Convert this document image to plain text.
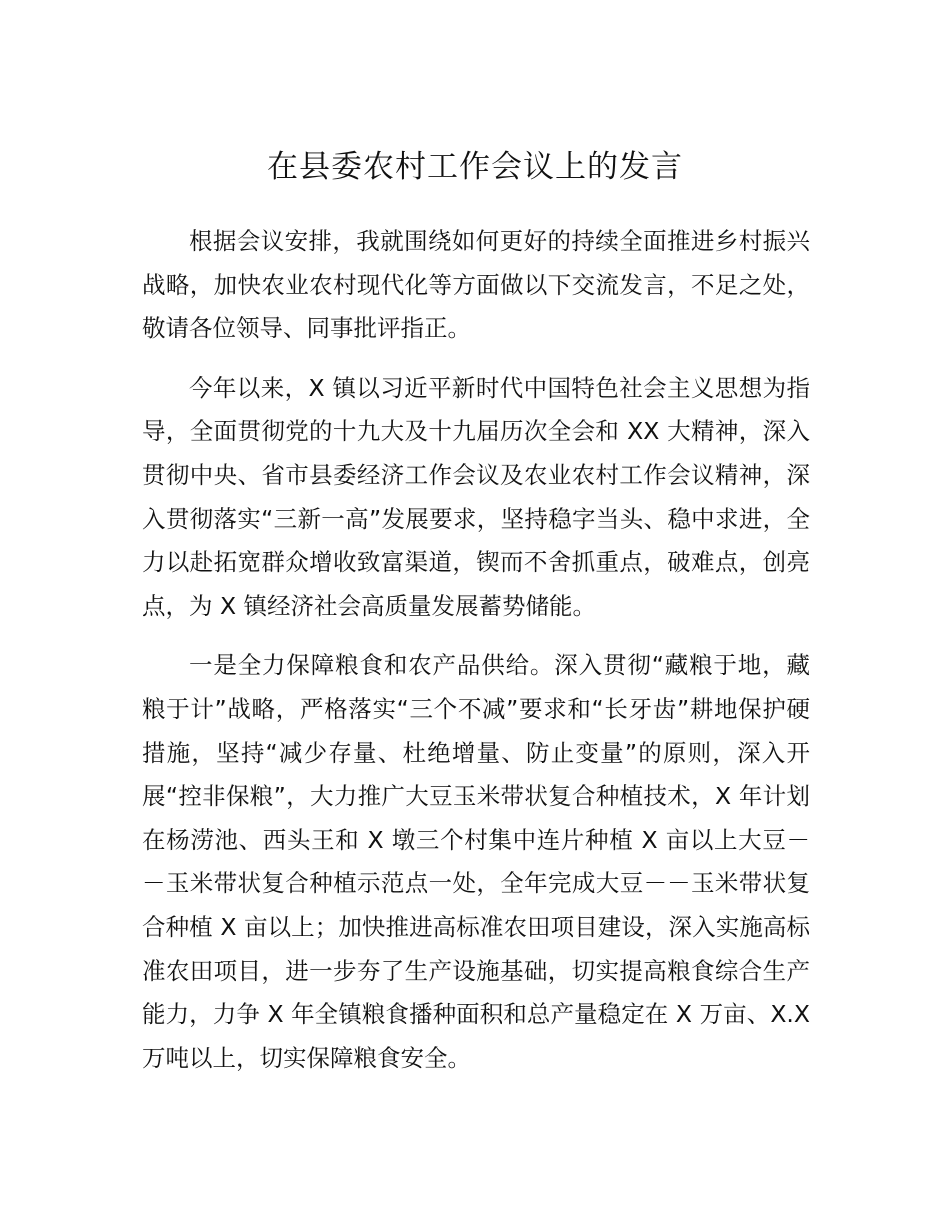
在县委农村工作会议上的发言

根据会议安排，我就围绕如何更好的持续全面推进乡村振兴战略，加快农业农村现代化等方面做以下交流发言，不足之处，敬请各位领导、同事批评指正。

今年以来，X 镇以习近平新时代中国特色社会主义思想为指导，全面贯彻党的十九大及十九届历次全会和 XX 大精神，深入贯彻中央、省市县委经济工作会议及农业农村工作会议精神，深入贯彻落实“三新一高”发展要求，坚持稳字当头、稳中求进，全力以赴拓宽群众增收致富渠道，锲而不舍抓重点，破难点，创亮点，为 X 镇经济社会高质量发展蓄势储能。

一是全力保障粮食和农产品供给。深入贯彻“藏粮于地，藏粮于计”战略，严格落实“三个不减”要求和“长牙齿”耕地保护硬措施，坚持“减少存量、杜绝增量、防止变量”的原则，深入开展“控非保粮”，大力推广大豆玉米带状复合种植技术，X 年计划在杨涝池、西头王和 X 墩三个村集中连片种植 X 亩以上大豆－－玉米带状复合种植示范点一处，全年完成大豆－－玉米带状复合种植 X 亩以上；加快推进高标准农田项目建设，深入实施高标准农田项目，进一步夯了生产设施基础，切实提高粮食综合生产能力，力争 X 年全镇粮食播种面积和总产量稳定在 X 万亩、X.X 万吨以上，切实保障粮食安全。
